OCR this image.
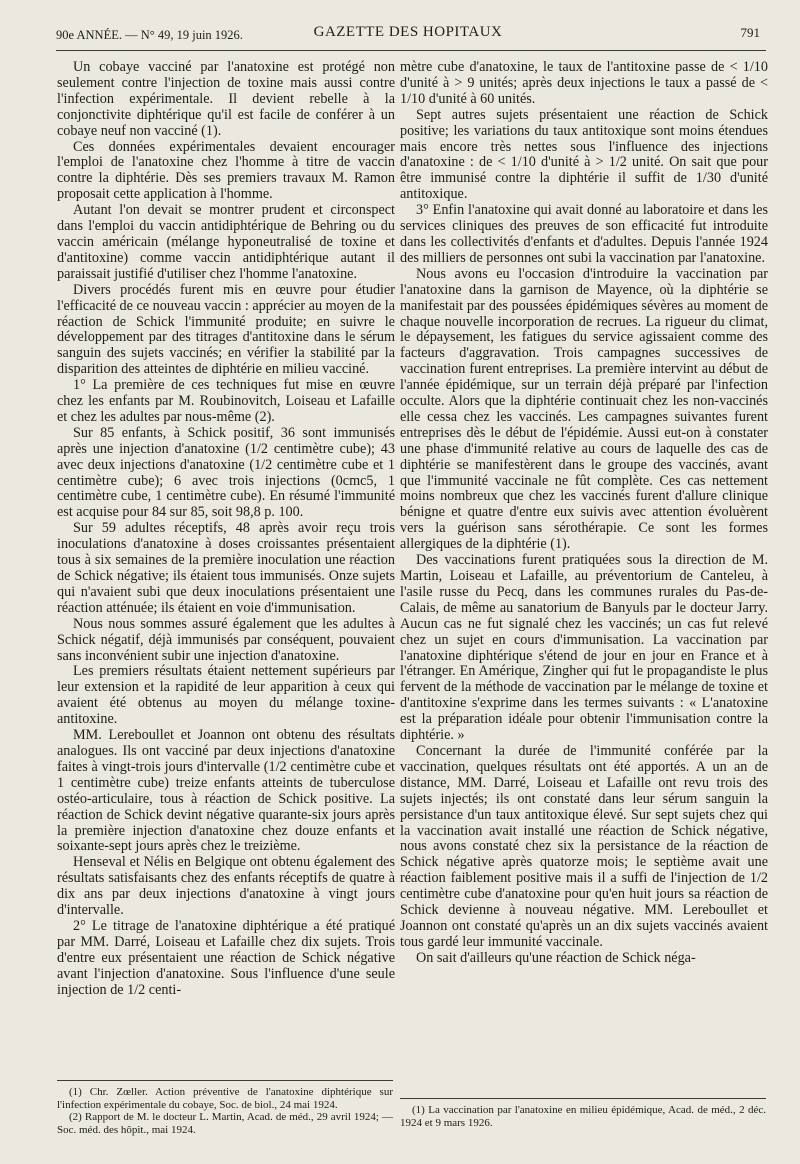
90e ANNÉE. — N° 49, 19 juin 1926.	GAZETTE DES HOPITAUX	791

Un cobaye vacciné par l'anatoxine est protégé non seulement contre l'injection de toxine mais aussi contre l'infection expérimentale. Il devient rebelle à la conjonctivite diphtérique qu'il est facile de conférer à un cobaye neuf non vacciné (1).

Ces données expérimentales devaient encourager l'emploi de l'anatoxine chez l'homme à titre de vaccin contre la diphtérie. Dès ses premiers travaux M. Ramon proposait cette application à l'homme.

Autant l'on devait se montrer prudent et circonspect dans l'emploi du vaccin antidiphtérique de Behring ou du vaccin américain (mélange hyponeutralisé de toxine et d'antitoxine) comme vaccin antidiphtérique autant il paraissait justifié d'utiliser chez l'homme l'anatoxine.

Divers procédés furent mis en œuvre pour étudier l'efficacité de ce nouveau vaccin : apprécier au moyen de la réaction de Schick l'immunité produite; en suivre le développement par des titrages d'antitoxine dans le sérum sanguin des sujets vaccinés; en vérifier la stabilité par la disparition des atteintes de diphtérie en milieu vacciné.

1° La première de ces techniques fut mise en œuvre chez les enfants par M. Roubinovitch, Loiseau et Lafaille et chez les adultes par nous-même (2).

Sur 85 enfants, à Schick positif, 36 sont immunisés après une injection d'anatoxine (1/2 centimètre cube); 43 avec deux injections d'anatoxine (1/2 centimètre cube et 1 centimètre cube); 6 avec trois injections (0cmc5, 1 centimètre cube, 1 centimètre cube). En résumé l'immunité est acquise pour 84 sur 85, soit 98,8 p. 100.

Sur 59 adultes réceptifs, 48 après avoir reçu trois inoculations d'anatoxine à doses croissantes présentaient tous à six semaines de la première inoculation une réaction de Schick négative; ils étaient tous immunisés. Onze sujets qui n'avaient subi que deux inoculations présentaient une réaction atténuée; ils étaient en voie d'immunisation.

Nous nous sommes assuré également que les adultes à Schick négatif, déjà immunisés par conséquent, pouvaient sans inconvénient subir une injection d'anatoxine.

Les premiers résultats étaient nettement supérieurs par leur extension et la rapidité de leur apparition à ceux qui avaient été obtenus au moyen du mélange toxine-antitoxine.

MM. Lereboullet et Joannon ont obtenu des résultats analogues. Ils ont vacciné par deux injections d'anatoxine faites à vingt-trois jours d'intervalle (1/2 centimètre cube et 1 centimètre cube) treize enfants atteints de tuberculose ostéo-articulaire, tous à réaction de Schick positive. La réaction de Schick devint négative quarante-six jours après la première injection d'anatoxine chez douze enfants et soixante-sept jours après chez le treizième.

Henseval et Nélis en Belgique ont obtenu également des résultats satisfaisants chez des enfants réceptifs de quatre à dix ans par deux injections d'anatoxine à vingt jours d'intervalle.

2° Le titrage de l'anatoxine diphtérique a été pratiqué par MM. Darré, Loiseau et Lafaille chez dix sujets. Trois d'entre eux présentaient une réaction de Schick négative avant l'injection d'anatoxine. Sous l'influence d'une seule injection de 1/2 centi-

mètre cube d'anatoxine, le taux de l'antitoxine passe de < 1/10 d'unité à > 9 unités; après deux injections le taux a passé de < 1/10 d'unité à 60 unités.

Sept autres sujets présentaient une réaction de Schick positive; les variations du taux antitoxique sont moins étendues mais encore très nettes sous l'influence des injections d'anatoxine : de < 1/10 d'unité à > 1/2 unité. On sait que pour être immunisé contre la diphtérie il suffit de 1/30 d'unité antitoxique.

3° Enfin l'anatoxine qui avait donné au laboratoire et dans les services cliniques des preuves de son efficacité fut introduite dans les collectivités d'enfants et d'adultes. Depuis l'année 1924 des milliers de personnes ont subi la vaccination par l'anatoxine.

Nous avons eu l'occasion d'introduire la vaccination par l'anatoxine dans la garnison de Mayence, où la diphtérie se manifestait par des poussées épidémiques sévères au moment de chaque nouvelle incorporation de recrues. La rigueur du climat, le dépaysement, les fatigues du service agissaient comme des facteurs d'aggravation. Trois campagnes successives de vaccination furent entreprises. La première intervint au début de l'année épidémique, sur un terrain déjà préparé par l'infection occulte. Alors que la diphtérie continuait chez les non-vaccinés elle cessa chez les vaccinés. Les campagnes suivantes furent entreprises dès le début de l'épidémie. Aussi eut-on à constater une phase d'immunité relative au cours de laquelle des cas de diphtérie se manifestèrent dans le groupe des vaccinés, avant que l'immunité vaccinale ne fût complète. Ces cas nettement moins nombreux que chez les vaccinés furent d'allure clinique bénigne et quatre d'entre eux suivis avec attention évoluèrent vers la guérison sans sérothérapie. Ce sont les formes allergiques de la diphtérie (1).

Des vaccinations furent pratiquées sous la direction de M. Martin, Loiseau et Lafaille, au préventorium de Canteleu, à l'asile russe du Pecq, dans les communes rurales du Pas-de-Calais, de même au sanatorium de Banyuls par le docteur Jarry. Aucun cas ne fut signalé chez les vaccinés; un cas fut relevé chez un sujet en cours d'immunisation. La vaccination par l'anatoxine diphtérique s'étend de jour en jour en France et à l'étranger. En Amérique, Zingher qui fut le propagandiste le plus fervent de la méthode de vaccination par le mélange de toxine et d'antitoxine s'exprime dans les termes suivants : « L'anatoxine est la préparation idéale pour obtenir l'immunisation contre la diphtérie. »

Concernant la durée de l'immunité conférée par la vaccination, quelques résultats ont été apportés. A un an de distance, MM. Darré, Loiseau et Lafaille ont revu trois des sujets injectés; ils ont constaté dans leur sérum sanguin la persistance d'un taux antitoxique élevé. Sur sept sujets chez qui la vaccination avait installé une réaction de Schick négative, nous avons constaté chez six la persistance de la réaction de Schick négative après quatorze mois; le septième avait une réaction faiblement positive mais il a suffi de l'injection de 1/2 centimètre cube d'anatoxine pour qu'en huit jours sa réaction de Schick devienne à nouveau négative. MM. Lereboullet et Joannon ont constaté qu'après un an dix sujets vaccinés avaient tous gardé leur immunité vaccinale.

On sait d'ailleurs qu'une réaction de Schick néga-

(1) Chr. Zœller. Action préventive de l'anatoxine diphtérique sur l'infection expérimentale du cobaye, Soc. de biol., 24 mai 1924.

(2) Rapport de M. le docteur L. Martin, Acad. de méd., 29 avril 1924; — Soc. méd. des hôpit., mai 1924.

(1) La vaccination par l'anatoxine en milieu épidémique, Acad. de méd., 2 déc. 1924 et 9 mars 1926.
